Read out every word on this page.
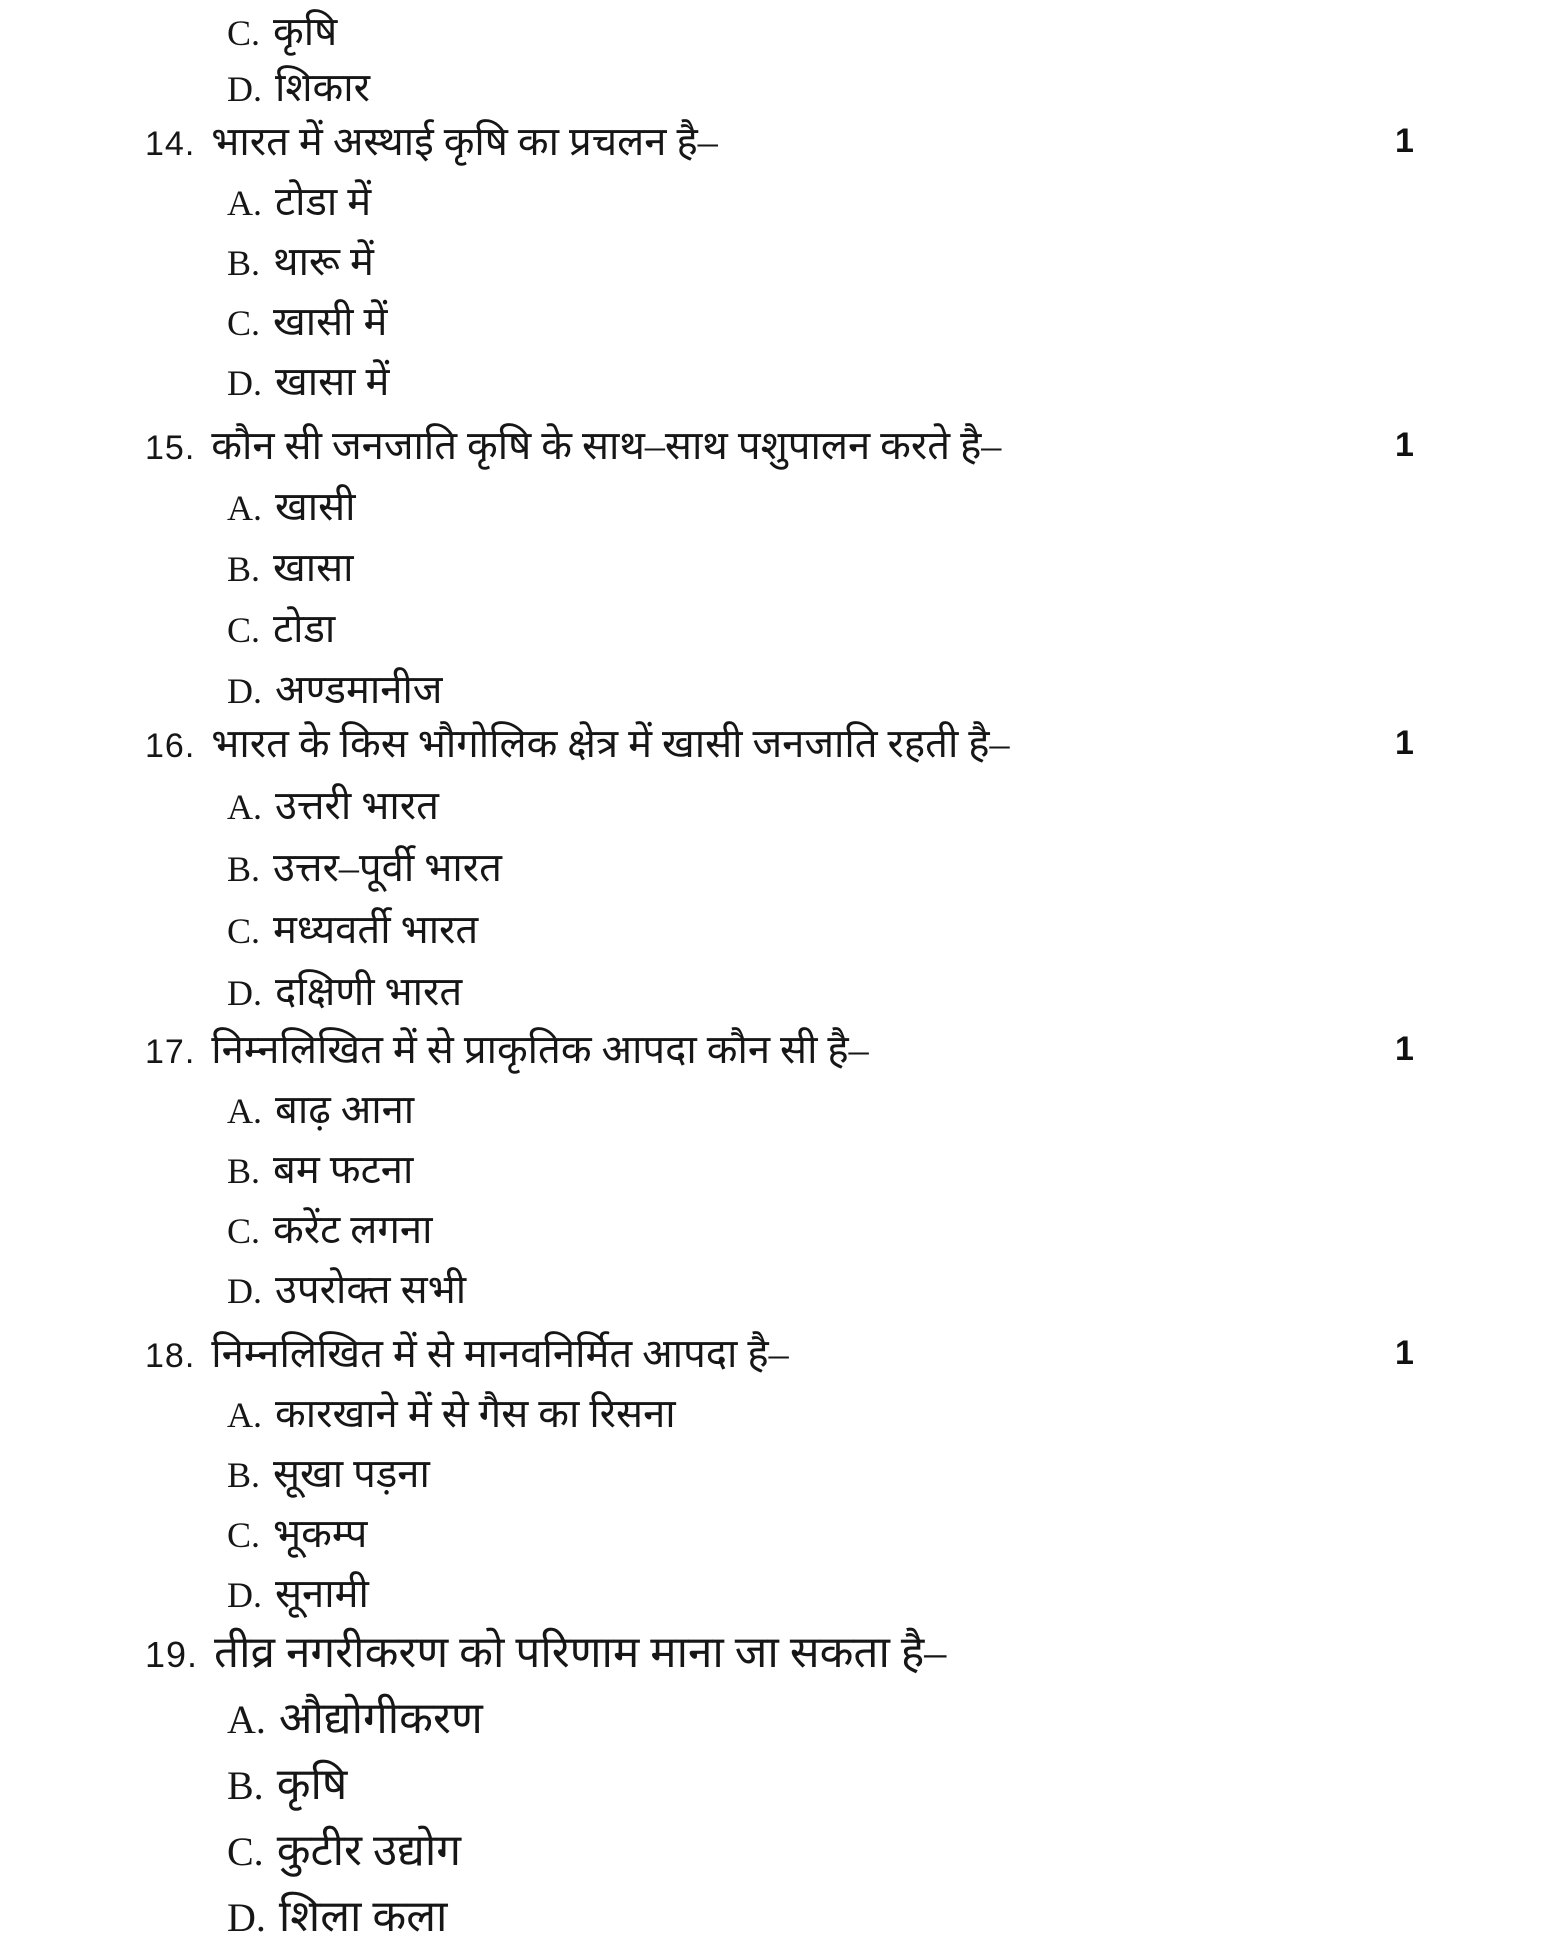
C. कृषि
D. शिकार
1
14. भारत में अस्थाई कृषि का प्रचलन है–
A. टोडा में
B. थारू में
C. खासी में
D. खासा में
1
15. कौन सी जनजाति कृषि के साथ–साथ पशुपालन करते है–
A. खासी
B. खासा
C. टोडा
D. अण्डमानीज
1
16. भारत के किस भौगोलिक क्षेत्र में खासी जनजाति रहती है–
A. उत्तरी भारत
B. उत्तर–पूर्वी भारत
C. मध्यवर्ती भारत
D. दक्षिणी भारत
1
17. निम्नलिखित में से प्राकृतिक आपदा कौन सी है–
A. बाढ़ आना
B. बम फटना
C. करेंट लगना
D. उपरोक्त सभी
1
18. निम्नलिखित में से मानवनिर्मित आपदा है–
A. कारखाने में से गैस का रिसना
B. सूखा पड़ना
C. भूकम्प
D. सूनामी
19. तीव्र नगरीकरण को परिणाम माना जा सकता है–
A. औद्योगीकरण
B. कृषि
C. कुटीर उद्योग
D. शिला कला
